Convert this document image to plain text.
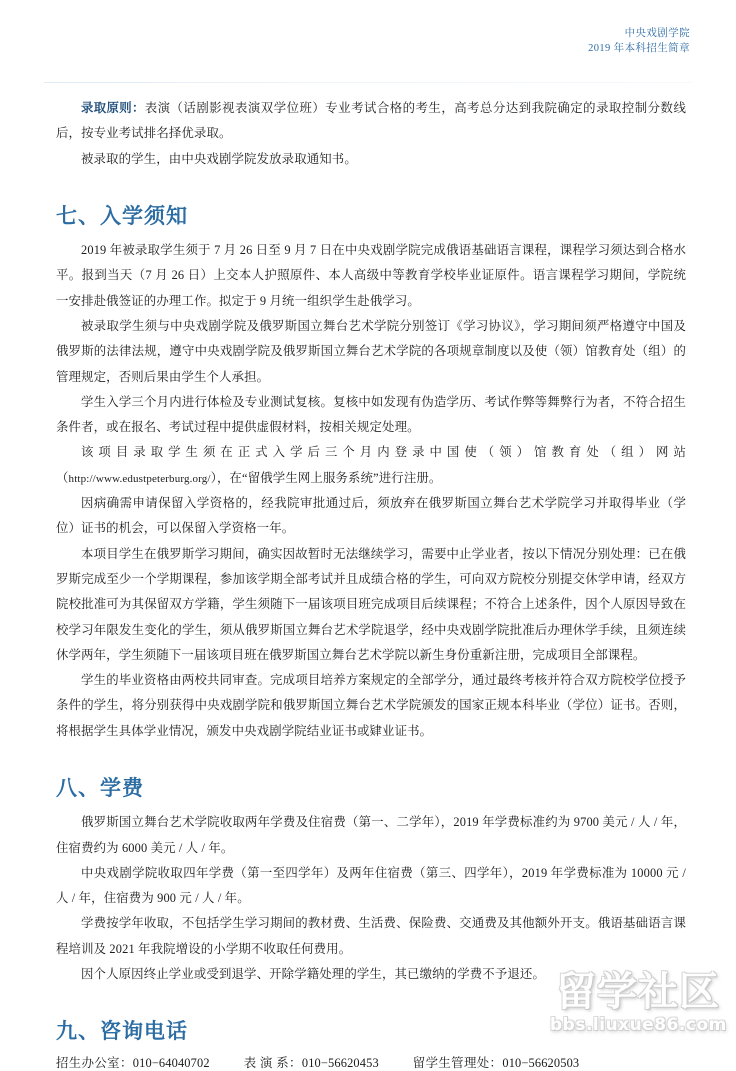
中央戏剧学院
2019 年本科招生简章

录取原则：表演（话剧影视表演双学位班）专业考试合格的考生，高考总分达到我院确定的录取控制分数线后，按专业考试排名择优录取。

被录取的学生，由中央戏剧学院发放录取通知书。

七、入学须知

2019 年被录取学生须于 7 月 26 日至 9 月 7 日在中央戏剧学院完成俄语基础语言课程，课程学习须达到合格水平。报到当天（7 月 26 日）上交本人护照原件、本人高级中等教育学校毕业证原件。语言课程学习期间，学院统一安排赴俄签证的办理工作。拟定于 9 月统一组织学生赴俄学习。

被录取学生须与中央戏剧学院及俄罗斯国立舞台艺术学院分别签订《学习协议》，学习期间须严格遵守中国及俄罗斯的法律法规，遵守中央戏剧学院及俄罗斯国立舞台艺术学院的各项规章制度以及使（领）馆教育处（组）的管理规定，否则后果由学生个人承担。

学生入学三个月内进行体检及专业测试复核。复核中如发现有伪造学历、考试作弊等舞弊行为者，不符合招生条件者，或在报名、考试过程中提供虚假材料，按相关规定处理。

该项目录取学生须在正式入学后三个月内登录中国使（领）馆教育处（组）网站（http://www.edustpeterburg.org/），在“留俄学生网上服务系统”进行注册。

因病确需申请保留入学资格的，经我院审批通过后，须放弃在俄罗斯国立舞台艺术学院学习并取得毕业（学位）证书的机会，可以保留入学资格一年。

本项目学生在俄罗斯学习期间，确实因故暂时无法继续学习，需要中止学业者，按以下情况分别处理：已在俄罗斯完成至少一个学期课程，参加该学期全部考试并且成绩合格的学生，可向双方院校分别提交休学申请，经双方院校批准可为其保留双方学籍，学生须随下一届该项目班完成项目后续课程；不符合上述条件，因个人原因导致在校学习年限发生变化的学生，须从俄罗斯国立舞台艺术学院退学，经中央戏剧学院批准后办理休学手续，且须连续休学两年，学生须随下一届该项目班在俄罗斯国立舞台艺术学院以新生身份重新注册，完成项目全部课程。

学生的毕业资格由两校共同审查。完成项目培养方案规定的全部学分，通过最终考核并符合双方院校学位授予条件的学生，将分别获得中央戏剧学院和俄罗斯国立舞台艺术学院颁发的国家正规本科毕业（学位）证书。否则，将根据学生具体学业情况，颁发中央戏剧学院结业证书或肄业证书。

八、学费

俄罗斯国立舞台艺术学院收取两年学费及住宿费（第一、二学年），2019 年学费标准约为 9700 美元 / 人 / 年，住宿费约为 6000 美元 / 人 / 年。

中央戏剧学院收取四年学费（第一至四学年）及两年住宿费（第三、四学年），2019 年学费标准为 10000 元 / 人 / 年，住宿费为 900 元 / 人 / 年。

学费按学年收取，不包括学生学习期间的教材费、生活费、保险费、交通费及其他额外开支。俄语基础语言课程培训及 2021 年我院增设的小学期不收取任何费用。

因个人原因终止学业或受到退学、开除学籍处理的学生，其已缴纳的学费不予退还。

九、咨询电话
招生办公室：010−64040702	表 演 系：010−56620453	留学生管理处：010−56620503
留学社区
bbs.liuxue86.com
